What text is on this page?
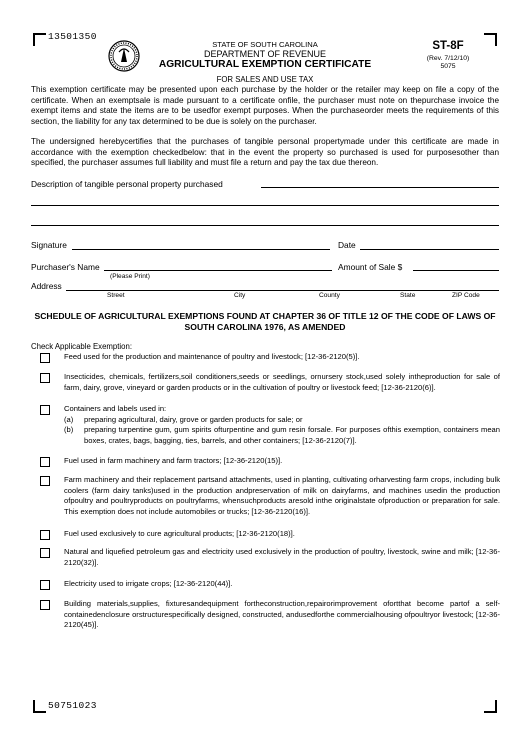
13501350
50751023
STATE OF SOUTH CAROLINA
DEPARTMENT OF REVENUE
AGRICULTURAL EXEMPTION CERTIFICATE
FOR SALES AND USE TAX
ST-8F
(Rev. 7/12/10)
5075
This exemption certificate may be presented upon each purchase by the holder or the retailer may keep on file a copy of the certificate. When an exemptsale is made pursuant to a certificate onfile, the purchaser must note on thepurchase invoice the exempt items and state the items are to be usedfor exempt purposes. When the purchaseorder meets the requirements of this section, the liability for any tax determined to be due is solely on the purchaser.
The undersigned herebycertifies that the purchases of tangible personal propertymade under this certificate are made in accordance with the exemption checkedbelow: that in the event the property so purchased is used for purposesother than specified, the purchaser assumes full liability and must file a return and pay the tax due thereon.
Description of tangible personal property purchased
Signature	Date
Purchaser's Name
(Please Print)
Amount of Sale $
Address
Street	City	County	State	ZIP Code
SCHEDULE OF AGRICULTURAL EXEMPTIONS FOUND AT CHAPTER 36 OF TITLE 12 OF THE CODE OF LAWS OF SOUTH CAROLINA 1976, AS AMENDED
Check Applicable Exemption:
Feed used for the production and maintenance of poultry and livestock; [12-36-2120(5)].
Insecticides, chemicals, fertilizers,soil conditioners,seeds or seedlings, ornursery stock,used solely intheproduction for sale of farm, dairy, grove, vineyard or garden products or in the cultivation of poultry or livestock feed; [12-36-2120(6)].
Containers and labels used in:
(a)	preparing agricultural, dairy, grove or garden products for sale; or
(b)	preparing turpentine gum, gum spirits ofturpentine and gum resin forsale. For purposes ofthis exemption, containers mean boxes, crates, bags, bagging, ties, barrels, and other containers; [12-36-2120(7)].
Fuel used in farm machinery and farm tractors; [12-36-2120(15)].
Farm machinery and their replacement partsand attachments, used in planting, cultivating orharvesting farm crops, including bulk coolers (farm dairy tanks)used in the production andpreservation of milk on dairyfarms, and machines usedin the production ofpoultry and poultryproducts on poultryfarms, whensuchproducts aresold inthe originalstate ofproduction or preparation for sale. This exemption does not include automobiles or trucks; [12-36-2120(16)].
Fuel used exclusively to cure agricultural products; [12-36-2120(18)].
Natural and liquefied petroleum gas and electricity used exclusively in the production of poultry, livestock, swine and milk; [12-36-2120(32)].
Electricity used to irrigate crops; [12-36-2120(44)].
Building materials,supplies, fixturesandequipment fortheconstruction,repairorimprovement ofortthat become partof a self-containedenclosure orstructurespecifically designed, constructed, andusedforthe commercialhousing ofpoultryor livestock; [12-36-2120(45)].
